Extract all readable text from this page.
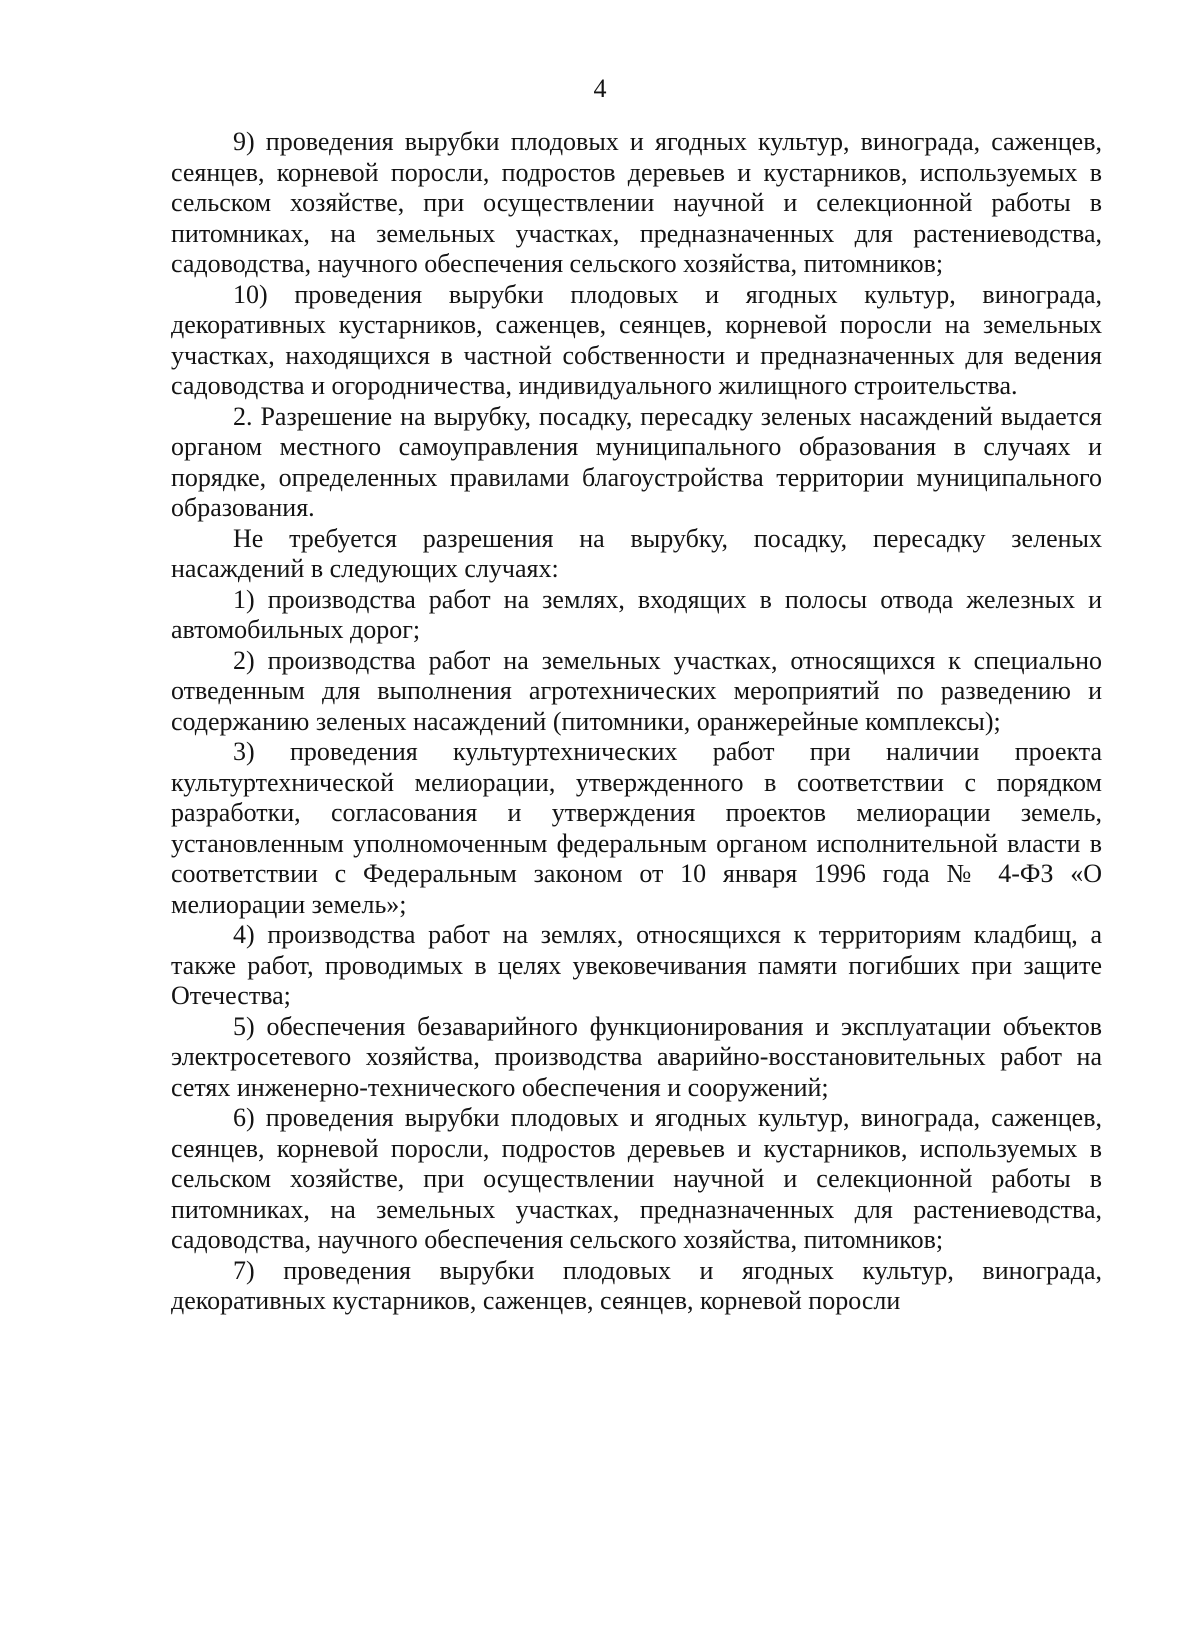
4

9) проведения вырубки плодовых и ягодных культур, винограда, саженцев, сеянцев, корневой поросли, подростов деревьев и кустарников, используемых в сельском хозяйстве, при осуществлении научной и селекционной работы в питомниках, на земельных участках, предназначенных для растениеводства, садоводства, научного обеспечения сельского хозяйства, питомников;

10) проведения вырубки плодовых и ягодных культур, винограда, декоративных кустарников, саженцев, сеянцев, корневой поросли на земельных участках, находящихся в частной собственности и предназначенных для ведения садоводства и огородничества, индивидуального жилищного строительства.

2. Разрешение на вырубку, посадку, пересадку зеленых насаждений выдается органом местного самоуправления муниципального образования в случаях и порядке, определенных правилами благоустройства территории муниципального образования.

Не требуется разрешения на вырубку, посадку, пересадку зеленых насаждений в следующих случаях:

1) производства работ на землях, входящих в полосы отвода железных и автомобильных дорог;

2) производства работ на земельных участках, относящихся к специально отведенным для выполнения агротехнических мероприятий по разведению и содержанию зеленых насаждений (питомники, оранжерейные комплексы);

3) проведения культуртехнических работ при наличии проекта культуртехнической мелиорации, утвержденного в соответствии с порядком разработки, согласования и утверждения проектов мелиорации земель, установленным уполномоченным федеральным органом исполнительной власти в соответствии с Федеральным законом от 10 января 1996 года № 4-ФЗ «О мелиорации земель»;

4) производства работ на землях, относящихся к территориям кладбищ, а также работ, проводимых в целях увековечивания памяти погибших при защите Отечества;

5) обеспечения безаварийного функционирования и эксплуатации объектов электросетевого хозяйства, производства аварийно-восстановительных работ на сетях инженерно-технического обеспечения и сооружений;

6) проведения вырубки плодовых и ягодных культур, винограда, саженцев, сеянцев, корневой поросли, подростов деревьев и кустарников, используемых в сельском хозяйстве, при осуществлении научной и селекционной работы в питомниках, на земельных участках, предназначенных для растениеводства, садоводства, научного обеспечения сельского хозяйства, питомников;

7) проведения вырубки плодовых и ягодных культур, винограда, декоративных кустарников, саженцев, сеянцев, корневой поросли
